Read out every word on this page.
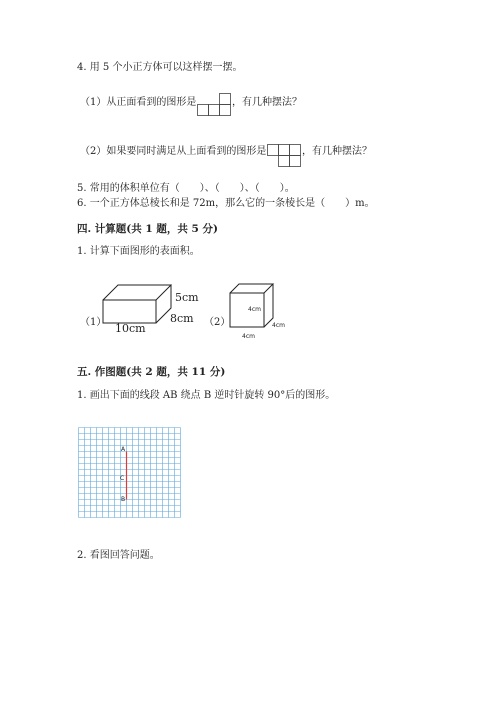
4. 用 5 个小正方体可以这样摆一摆。
（1）从正面看到的图形是	，有几种摆法？
（2）如果要同时满足从上面看到的图形是	，有几种摆法？
5. 常用的体积单位有（　　）、（　　）、（　　）。
6. 一个正方体总棱长和是 72m，那么它的一条棱长是（　　）m。
四. 计算题(共 1 题，共 5 分)
1. 计算下面图形的表面积。
（1）
5cm
8cm
10cm	（2）
4cm
4cm
4cm
五. 作图题(共 2 题，共 11 分)
1. 画出下面的线段 AB 绕点 B 逆时针旋转 90°后的图形。
A
C
B
2. 看图回答问题。
